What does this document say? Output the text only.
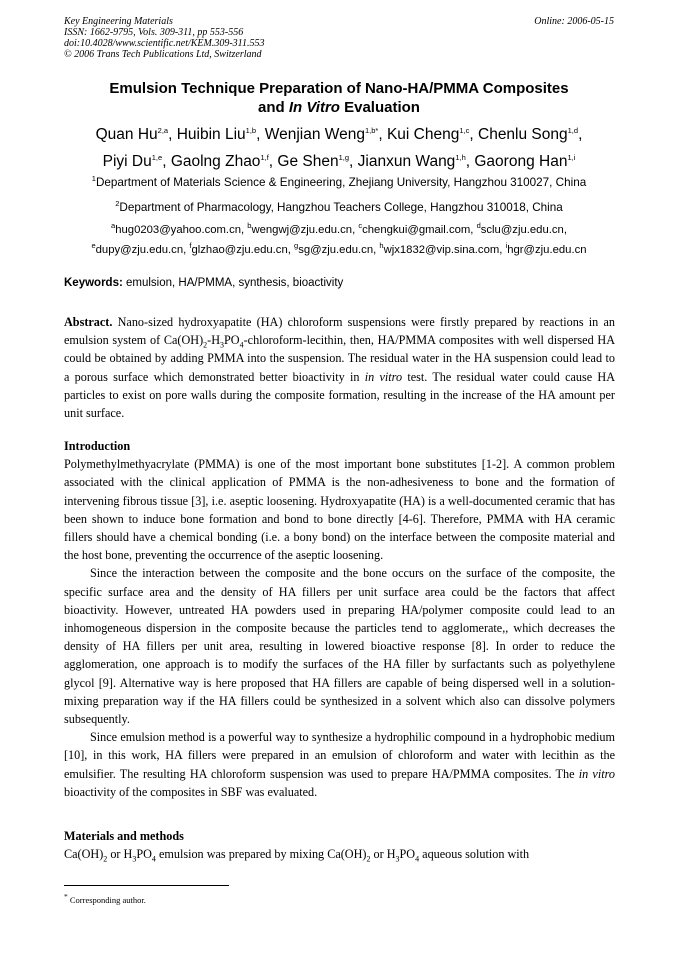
Key Engineering Materials
ISSN: 1662-9795, Vols. 309-311, pp 553-556
doi:10.4028/www.scientific.net/KEM.309-311.553
© 2006 Trans Tech Publications Ltd, Switzerland
Online: 2006-05-15
Emulsion Technique Preparation of Nano-HA/PMMA Composites
and In Vitro Evaluation
Quan Hu$^{2,a}$, Huibin Liu$^{1,b}$, Wenjian Weng$^{1,b*}$, Kui Cheng$^{1,c}$, Chenlu Song$^{1,d}$,
Piyi Du$^{1,e}$, Gaolng Zhao$^{1,f}$, Ge Shen$^{1,g}$, Jianxun Wang$^{1,h}$, Gaorong Han$^{1,i}$
$^1$Department of Materials Science & Engineering, Zhejiang University, Hangzhou 310027, China
$^2$Department of Pharmacology, Hangzhou Teachers College, Hangzhou 310018, China
$^a$hug0203@yahoo.com.cn, $^b$wengwj@zju.edu.cn, $^c$chengkui@gmail.com, $^d$sclu@zju.edu.cn,
$^e$dupy@zju.edu.cn, $^f$glzhao@zju.edu.cn, $^g$sg@zju.edu.cn, $^h$wjx1832@vip.sina.com, $^i$hgr@zju.edu.cn
Keywords: emulsion, HA/PMMA, synthesis, bioactivity

Abstract. Nano-sized hydroxyapatite (HA) chloroform suspensions were firstly prepared by reactions in an emulsion system of $Ca(OH)_2-H_3PO_4-chloroform$-lecithin, then, HA/PMMA composites with well dispersed HA could be obtained by adding PMMA into the suspension. The residual water in the HA suspension could lead to a porous surface which demonstrated better bioactivity in in vitro test. The residual water could cause HA particles to exist on pore walls during the composite formation, resulting in the increase of the HA amount per unit surface.

Introduction

Polymethylmethyacrylate (PMMA) is one of the most important bone substitutes [1-2]. A common problem associated with the clinical application of PMMA is the non-adhesiveness to bone and the formation of intervening fibrous tissue [3], i.e. aseptic loosening. Hydroxyapatite (HA) is a well-documented ceramic that has been shown to induce bone formation and bond to bone directly [4-6]. Therefore, PMMA with HA ceramic fillers should have a chemical bonding (i.e. a bony bond) on the interface between the composite material and the host bone, preventing the occurrence of the aseptic loosening.

Since the interaction between the composite and the bone occurs on the surface of the composite, the specific surface area and the density of HA fillers per unit surface area could be the factors that affect bioactivity. However, untreated HA powders used in preparing HA/polymer composite could lead to an inhomogeneous dispersion in the composite because the particles tend to agglomerate,, which decreases the density of HA fillers per unit area, resulting in lowered bioactive response [8]. In order to reduce the agglomeration, one approach is to modify the surfaces of the HA filler by surfactants such as polyethylene glycol [9]. Alternative way is here proposed that HA fillers are capable of being dispersed well in a solution-mixing preparation way if the HA fillers could be synthesized in a solvent which also can dissolve polymers subsequently.

Since emulsion method is a powerful way to synthesize a hydrophilic compound in a hydrophobic medium [10], in this work, HA fillers were prepared in an emulsion of chloroform and water with lecithin as the emulsifier. The resulting HA chloroform suspension was used to prepare HA/PMMA composites. The in vitro bioactivity of the composites in SBF was evaluated.

Materials and methods

$Ca(OH)_2$ or $H_3PO_4$ emulsion was prepared by mixing $Ca(OH)_2$ or $H_3PO_4$ aqueous solution with

* Corresponding author.
